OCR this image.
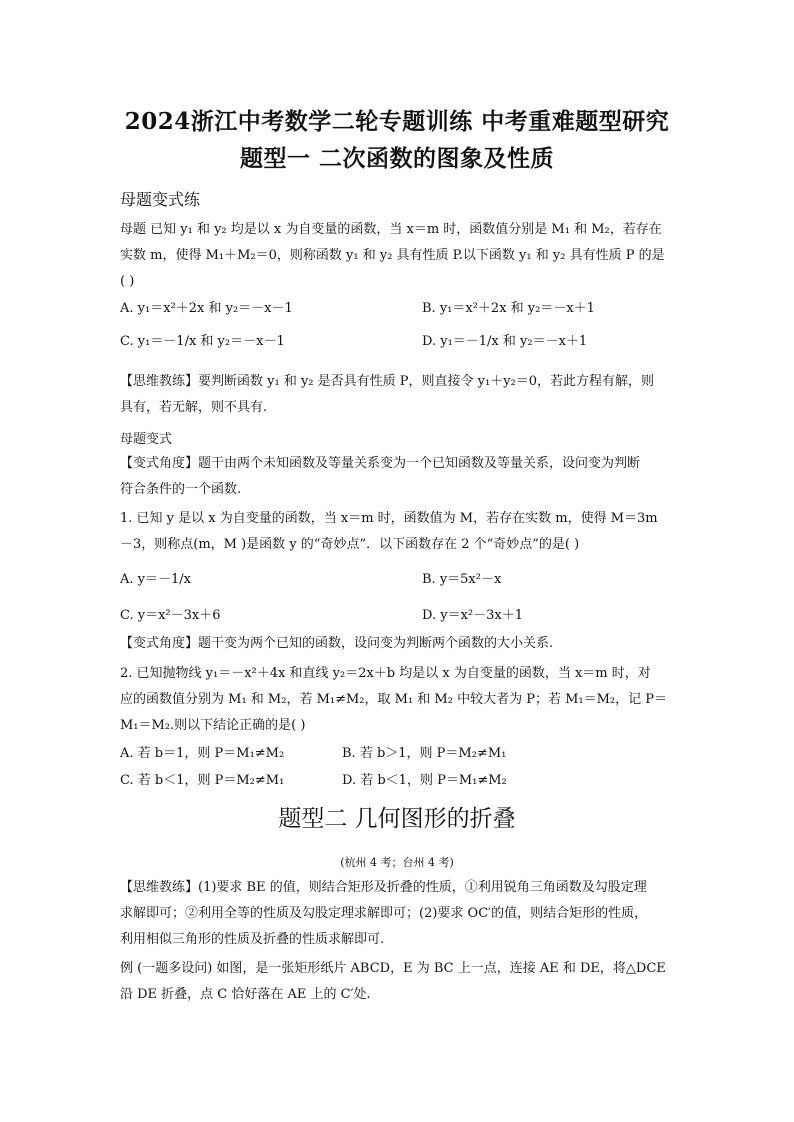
2024浙江中考数学二轮专题训练 中考重难题型研究
题型一 二次函数的图象及性质
母题变式练
母题 已知 y₁ 和 y₂ 均是以 x 为自变量的函数，当 x＝m 时，函数值分别是 M₁ 和 M₂，若存在
实数 m，使得 M₁＋M₂＝0，则称函数 y₁ 和 y₂ 具有性质 P.以下函数 y₁ 和 y₂ 具有性质 P 的是
( )
A. y₁＝x²＋2x 和 y₂＝－x－1	B. y₁＝x²＋2x 和 y₂＝－x＋1
C. y₁＝－1/x 和 y₂＝－x－1	D. y₁＝－1/x 和 y₂＝－x＋1
【思维教练】要判断函数 y₁ 和 y₂ 是否具有性质 P，则直接令 y₁＋y₂＝0，若此方程有解，则
具有，若无解，则不具有.
母题变式
【变式角度】题干由两个未知函数及等量关系变为一个已知函数及等量关系，设问变为判断
符合条件的一个函数.
1. 已知 y 是以 x 为自变量的函数，当 x＝m 时，函数值为 M，若存在实数 m，使得 M＝3m
－3，则称点(m，M )是函数 y 的“奇妙点”．以下函数存在 2 个“奇妙点”的是( )
A. y＝－1/x	B. y＝5x²－x
C. y＝x²－3x＋6	D. y＝x²－3x＋1
【变式角度】题干变为两个已知的函数，设问变为判断两个函数的大小关系.
2. 已知抛物线 y₁＝－x²＋4x 和直线 y₂＝2x＋b 均是以 x 为自变量的函数，当 x＝m 时，对
应的函数值分别为 M₁ 和 M₂，若 M₁≠M₂，取 M₁ 和 M₂ 中较大者为 P；若 M₁＝M₂，记 P＝
M₁＝M₂.则以下结论正确的是( )
A. 若 b＝1，则 P＝M₁≠M₂	B. 若 b＞1，则 P＝M₂≠M₁
C. 若 b＜1，则 P＝M₂≠M₁	D. 若 b＜1，则 P＝M₁≠M₂
题型二 几何图形的折叠
(杭州 4 考；台州 4 考)
【思维教练】(1)要求 BE 的值，则结合矩形及折叠的性质，①利用锐角三角函数及勾股定理
求解即可；②利用全等的性质及勾股定理求解即可；(2)要求 OC′的值，则结合矩形的性质，
利用相似三角形的性质及折叠的性质求解即可.
例 (一题多设问) 如图，是一张矩形纸片 ABCD，E 为 BC 上一点，连接 AE 和 DE，将△DCE
沿 DE 折叠，点 C 恰好落在 AE 上的 C′处.
